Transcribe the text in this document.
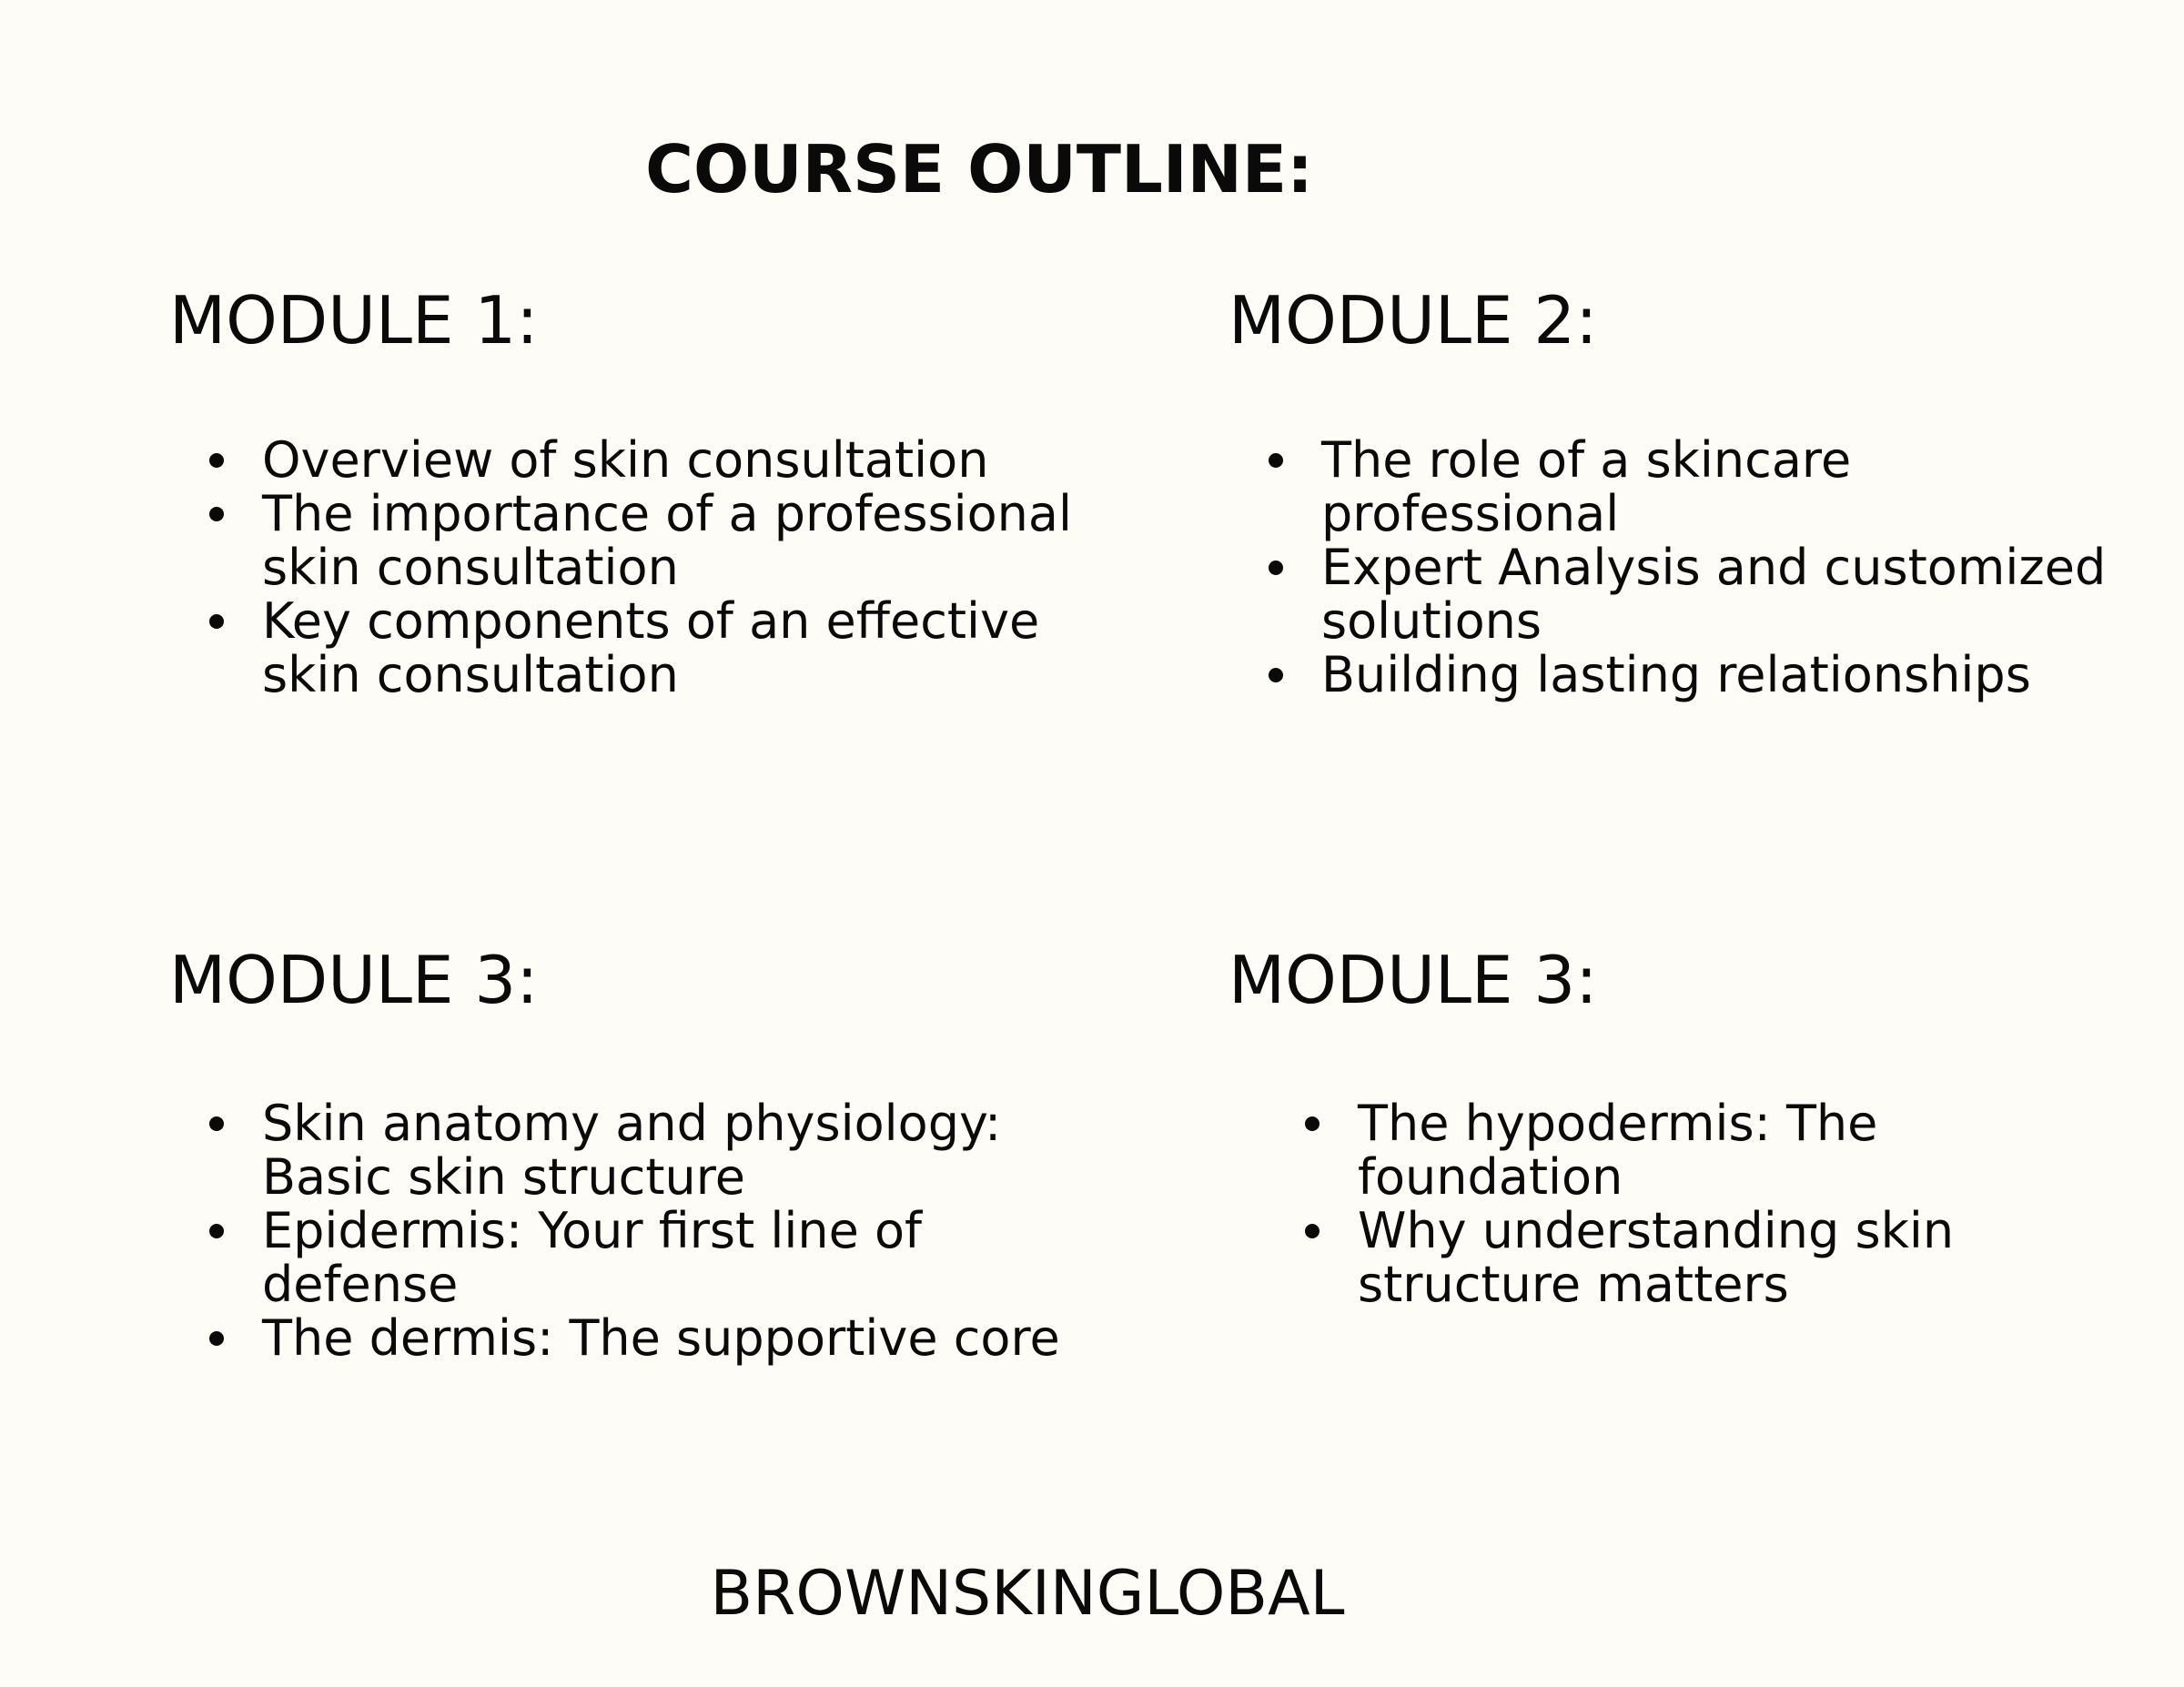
COURSE OUTLINE:
MODULE 1:
Overview of skin consultation
The importance of a professional skin consultation
Key components of an effective skin consultation
MODULE 2:
The role of a skincare professional
Expert Analysis and customized solutions
Building lasting relationships
MODULE 3:
Skin anatomy and physiology: Basic skin structure
Epidermis: Your first line of defense
The dermis: The supportive core
MODULE 3:
The hypodermis: The foundation
Why understanding skin structure matters

BROWNSKINGLOBAL
